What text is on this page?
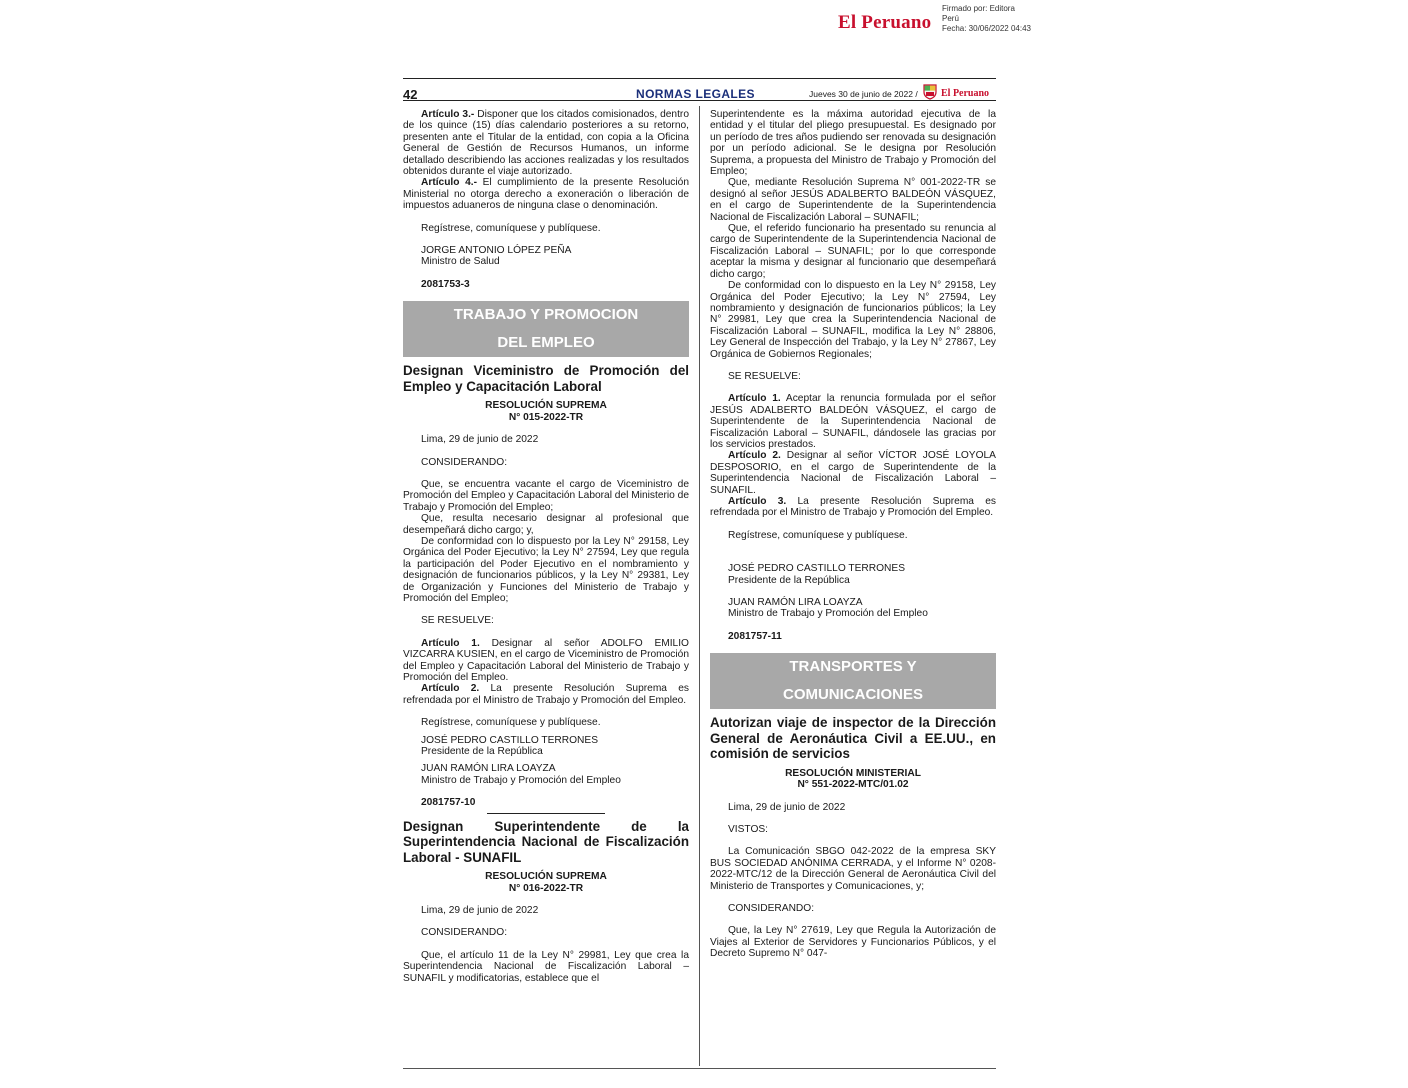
El Peruano
Firmado por: Editora
Perú
Fecha: 30/06/2022 04:43
42	NORMAS LEGALES	Jueves 30 de junio de 2022 / El Peruano

Artículo 3.- Disponer que los citados comisionados, dentro de los quince (15) días calendario posteriores a su retorno, presenten ante el Titular de la entidad, con copia a la Oficina General de Gestión de Recursos Humanos, un informe detallado describiendo las acciones realizadas y los resultados obtenidos durante el viaje autorizado.

Artículo 4.- El cumplimiento de la presente Resolución Ministerial no otorga derecho a exoneración o liberación de impuestos aduaneros de ninguna clase o denominación.

Regístrese, comuníquese y publíquese.

JORGE ANTONIO LÓPEZ PEÑA

Ministro de Salud

2081753-3

TRABAJO Y PROMOCION
DEL EMPLEO

Designan Viceministro de Promoción del Empleo y Capacitación Laboral

RESOLUCIÓN SUPREMA
N° 015-2022-TR

Lima, 29 de junio de 2022

CONSIDERANDO:

Que, se encuentra vacante el cargo de Viceministro de Promoción del Empleo y Capacitación Laboral del Ministerio de Trabajo y Promoción del Empleo;

Que, resulta necesario designar al profesional que desempeñará dicho cargo; y,

De conformidad con lo dispuesto por la Ley N° 29158, Ley Orgánica del Poder Ejecutivo; la Ley N° 27594, Ley que regula la participación del Poder Ejecutivo en el nombramiento y designación de funcionarios públicos, y la Ley N° 29381, Ley de Organización y Funciones del Ministerio de Trabajo y Promoción del Empleo;

SE RESUELVE:

Artículo 1. Designar al señor ADOLFO EMILIO VIZCARRA KUSIEN, en el cargo de Viceministro de Promoción del Empleo y Capacitación Laboral del Ministerio de Trabajo y Promoción del Empleo.

Artículo 2. La presente Resolución Suprema es refrendada por el Ministro de Trabajo y Promoción del Empleo.

Regístrese, comuníquese y publíquese.

JOSÉ PEDRO CASTILLO TERRONES

Presidente de la República

JUAN RAMÓN LIRA LOAYZA

Ministro de Trabajo y Promoción del Empleo

2081757-10

Designan Superintendente de la Superintendencia Nacional de Fiscalización Laboral - SUNAFIL

RESOLUCIÓN SUPREMA
N° 016-2022-TR

Lima, 29 de junio de 2022

CONSIDERANDO:

Que, el artículo 11 de la Ley N° 29981, Ley que crea la Superintendencia Nacional de Fiscalización Laboral – SUNAFIL y modificatorias, establece que el

Superintendente es la máxima autoridad ejecutiva de la entidad y el titular del pliego presupuestal. Es designado por un período de tres años pudiendo ser renovada su designación por un período adicional. Se le designa por Resolución Suprema, a propuesta del Ministro de Trabajo y Promoción del Empleo;

Que, mediante Resolución Suprema N° 001-2022-TR se designó al señor JESÚS ADALBERTO BALDEÓN VÁSQUEZ, en el cargo de Superintendente de la Superintendencia Nacional de Fiscalización Laboral – SUNAFIL;

Que, el referido funcionario ha presentado su renuncia al cargo de Superintendente de la Superintendencia Nacional de Fiscalización Laboral – SUNAFIL; por lo que corresponde aceptar la misma y designar al funcionario que desempeñará dicho cargo;

De conformidad con lo dispuesto en la Ley N° 29158, Ley Orgánica del Poder Ejecutivo; la Ley N° 27594, Ley nombramiento y designación de funcionarios públicos; la Ley N° 29981, Ley que crea la Superintendencia Nacional de Fiscalización Laboral – SUNAFIL, modifica la Ley N° 28806, Ley General de Inspección del Trabajo, y la Ley N° 27867, Ley Orgánica de Gobiernos Regionales;

SE RESUELVE:

Artículo 1. Aceptar la renuncia formulada por el señor JESÚS ADALBERTO BALDEÓN VÁSQUEZ, el cargo de Superintendente de la Superintendencia Nacional de Fiscalización Laboral – SUNAFIL, dándosele las gracias por los servicios prestados.

Artículo 2. Designar al señor VÍCTOR JOSÉ LOYOLA DESPOSORIO, en el cargo de Superintendente de la Superintendencia Nacional de Fiscalización Laboral – SUNAFIL.

Artículo 3. La presente Resolución Suprema es refrendada por el Ministro de Trabajo y Promoción del Empleo.

Regístrese, comuníquese y publíquese.

JOSÉ PEDRO CASTILLO TERRONES

Presidente de la República

JUAN RAMÓN LIRA LOAYZA

Ministro de Trabajo y Promoción del Empleo

2081757-11

TRANSPORTES Y
COMUNICACIONES

Autorizan viaje de inspector de la Dirección General de Aeronáutica Civil a EE.UU., en comisión de servicios

RESOLUCIÓN MINISTERIAL
N° 551-2022-MTC/01.02

Lima, 29 de junio de 2022

VISTOS:

La Comunicación SBGO 042-2022 de la empresa SKY BUS SOCIEDAD ANÓNIMA CERRADA, y el Informe N° 0208-2022-MTC/12 de la Dirección General de Aeronáutica Civil del Ministerio de Transportes y Comunicaciones, y;

CONSIDERANDO:

Que, la Ley N° 27619, Ley que Regula la Autorización de Viajes al Exterior de Servidores y Funcionarios Públicos, y el Decreto Supremo N° 047-
